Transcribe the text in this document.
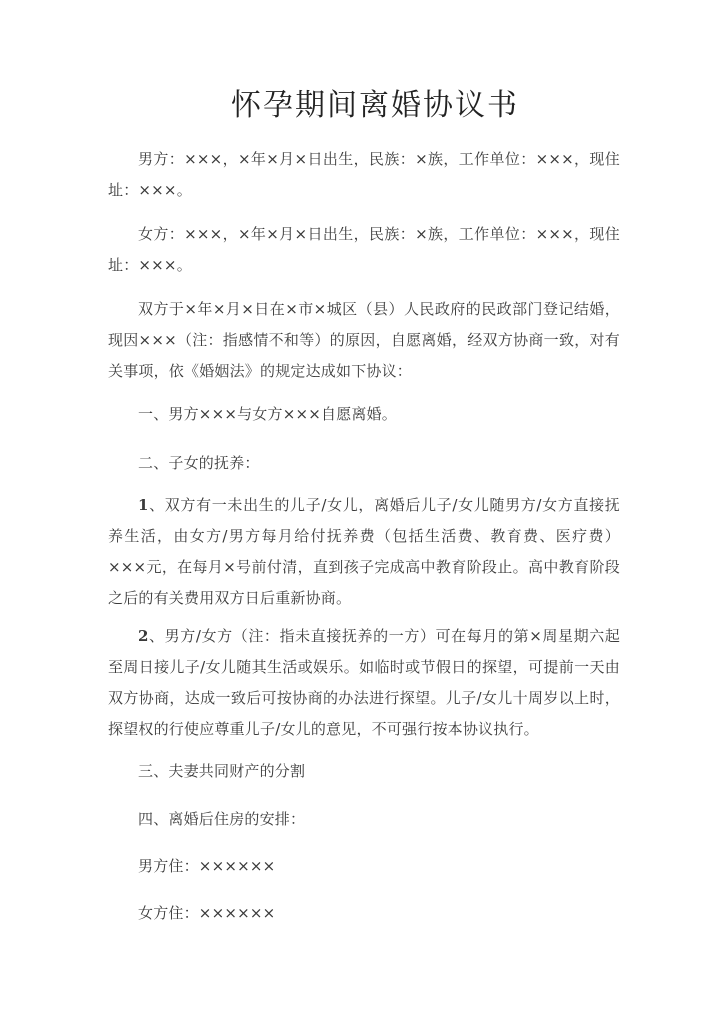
怀孕期间离婚协议书
男方：×××，×年×月×日出生，民族：×族，工作单位：×××，现住址：×××。
女方：×××，×年×月×日出生，民族：×族，工作单位：×××，现住址：×××。
双方于×年×月×日在×市×城区（县）人民政府的民政部门登记结婚，现因×××（注：指感情不和等）的原因，自愿离婚，经双方协商一致，对有关事项，依《婚姻法》的规定达成如下协议：
一、男方×××与女方×××自愿离婚。
二、子女的抚养：
1、双方有一未出生的儿子/女儿，离婚后儿子/女儿随男方/女方直接抚养生活，由女方/男方每月给付抚养费（包括生活费、教育费、医疗费）×××元，在每月×号前付清，直到孩子完成高中教育阶段止。高中教育阶段之后的有关费用双方日后重新协商。
2、男方/女方（注：指未直接抚养的一方）可在每月的第×周星期六起至周日接儿子/女儿随其生活或娱乐。如临时或节假日的探望，可提前一天由双方协商，达成一致后可按协商的办法进行探望。儿子/女儿十周岁以上时，探望权的行使应尊重儿子/女儿的意见，不可强行按本协议执行。
三、夫妻共同财产的分割
四、离婚后住房的安排：
男方住：××××××
女方住：××××××
